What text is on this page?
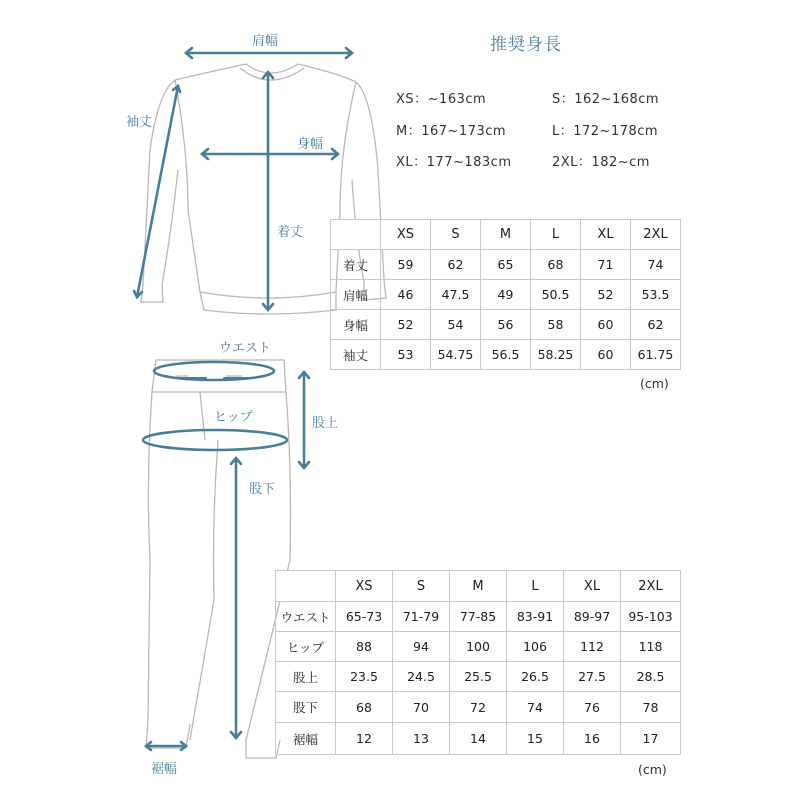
肩幅
袖丈
身幅
着丈
ウエスト
ヒップ	股上
股下
裾幅
推奨身長
XS：~163cm	S：162~168cm
M：167~173cm	L：172~178cm
XL：177~183cm	2XL：182~cm
	XS	S	M	L	XL	2XL
着丈	59	62	65	68	71	74
肩幅	46	47.5	49	50.5	52	53.5
身幅	52	54	56	58	60	62
袖丈	53	54.75	56.5	58.25	60	61.75
(cm)
	XS	S	M	L	XL	2XL
ウエスト	65-73	71-79	77-85	83-91	89-97	95-103
ヒップ	88	94	100	106	112	118
股上	23.5	24.5	25.5	26.5	27.5	28.5
股下	68	70	72	74	76	78
裾幅	12	13	14	15	16	17
(cm)
